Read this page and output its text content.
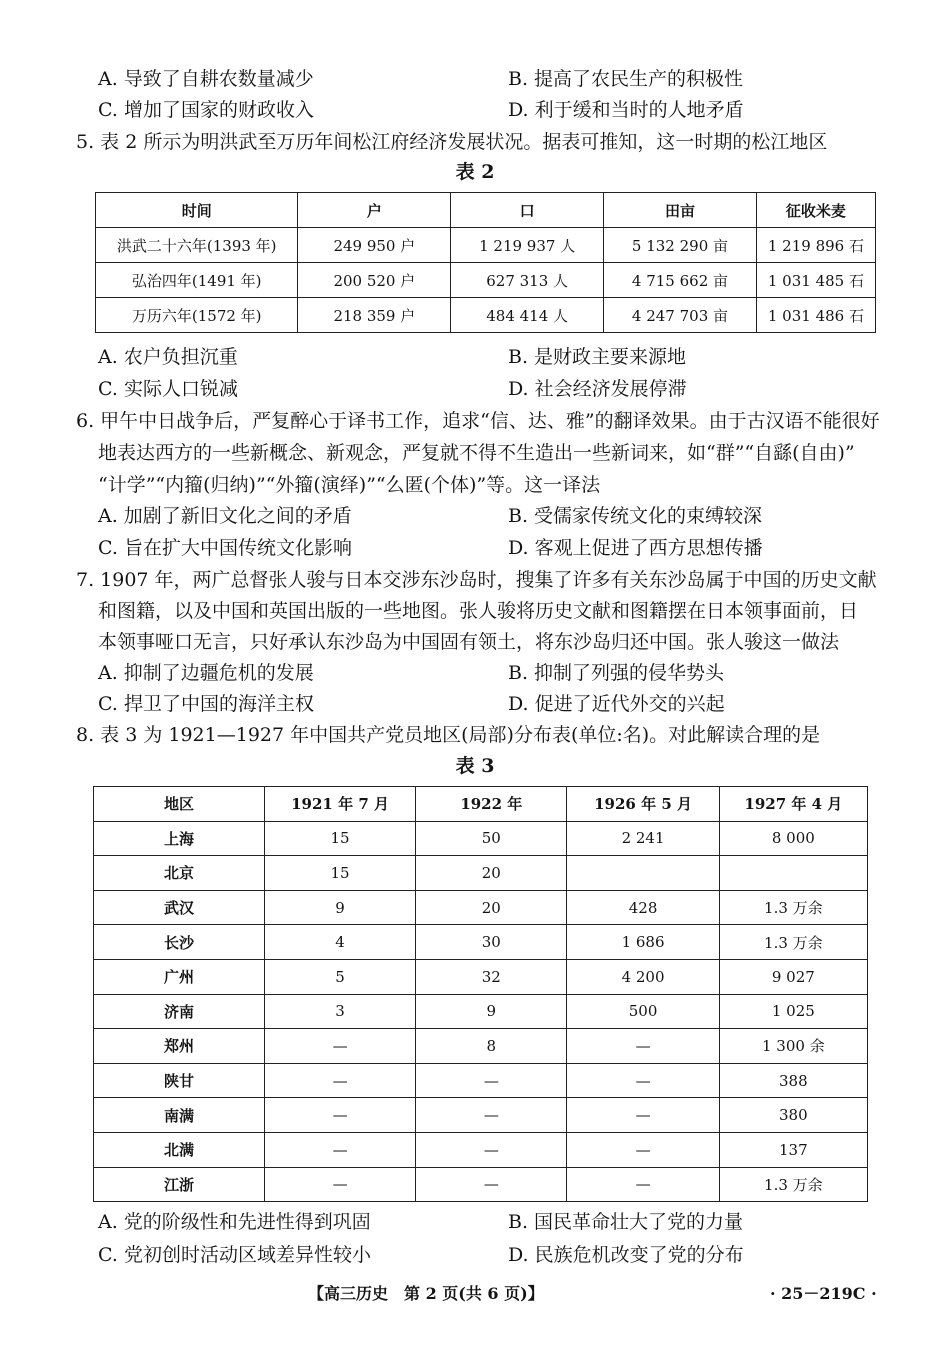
A. 导致了自耕农数量减少	B. 提高了农民生产的积极性
C. 增加了国家的财政收入	D. 利于缓和当时的人地矛盾
5. 表 2 所示为明洪武至万历年间松江府经济发展状况。据表可推知，这一时期的松江地区
表 2
时间	户	口	田亩	征收米麦
洪武二十六年(1393 年)	249 950 户	1 219 937 人	5 132 290 亩	1 219 896 石
弘治四年(1491 年)	200 520 户	627 313 人	4 715 662 亩	1 031 485 石
万历六年(1572 年)	218 359 户	484 414 人	4 247 703 亩	1 031 486 石
A. 农户负担沉重	B. 是财政主要来源地
C. 实际人口锐减	D. 社会经济发展停滞
6. 甲午中日战争后，严复醉心于译书工作，追求“信、达、雅”的翻译效果。由于古汉语不能很好
地表达西方的一些新概念、新观念，严复就不得不生造出一些新词来，如“群”“自繇(自由)”
“计学”“内籀(归纳)”“外籀(演绎)”“么匿(个体)”等。这一译法
A. 加剧了新旧文化之间的矛盾	B. 受儒家传统文化的束缚较深
C. 旨在扩大中国传统文化影响	D. 客观上促进了西方思想传播
7. 1907 年，两广总督张人骏与日本交涉东沙岛时，搜集了许多有关东沙岛属于中国的历史文献
和图籍，以及中国和英国出版的一些地图。张人骏将历史文献和图籍摆在日本领事面前，日
本领事哑口无言，只好承认东沙岛为中国固有领土，将东沙岛归还中国。张人骏这一做法
A. 抑制了边疆危机的发展	B. 抑制了列强的侵华势头
C. 捍卫了中国的海洋主权	D. 促进了近代外交的兴起
8. 表 3 为 1921—1927 年中国共产党员地区(局部)分布表(单位:名)。对此解读合理的是
表 3
地区	1921 年 7 月	1922 年	1926 年 5 月	1927 年 4 月
上海	15	50	2 241	8 000
北京	15	20		
武汉	9	20	428	1.3 万余
长沙	4	30	1 686	1.3 万余
广州	5	32	4 200	9 027
济南	3	9	500	1 025
郑州	—	8	—	1 300 余
陕甘	—	—	—	388
南满	—	—	—	380
北满	—	—	—	137
江浙	—	—	—	1.3 万余
A. 党的阶级性和先进性得到巩固	B. 国民革命壮大了党的力量
C. 党初创时活动区域差异性较小	D. 民族危机改变了党的分布
【高三历史　第 2 页(共 6 页)】	· 25－219C ·
